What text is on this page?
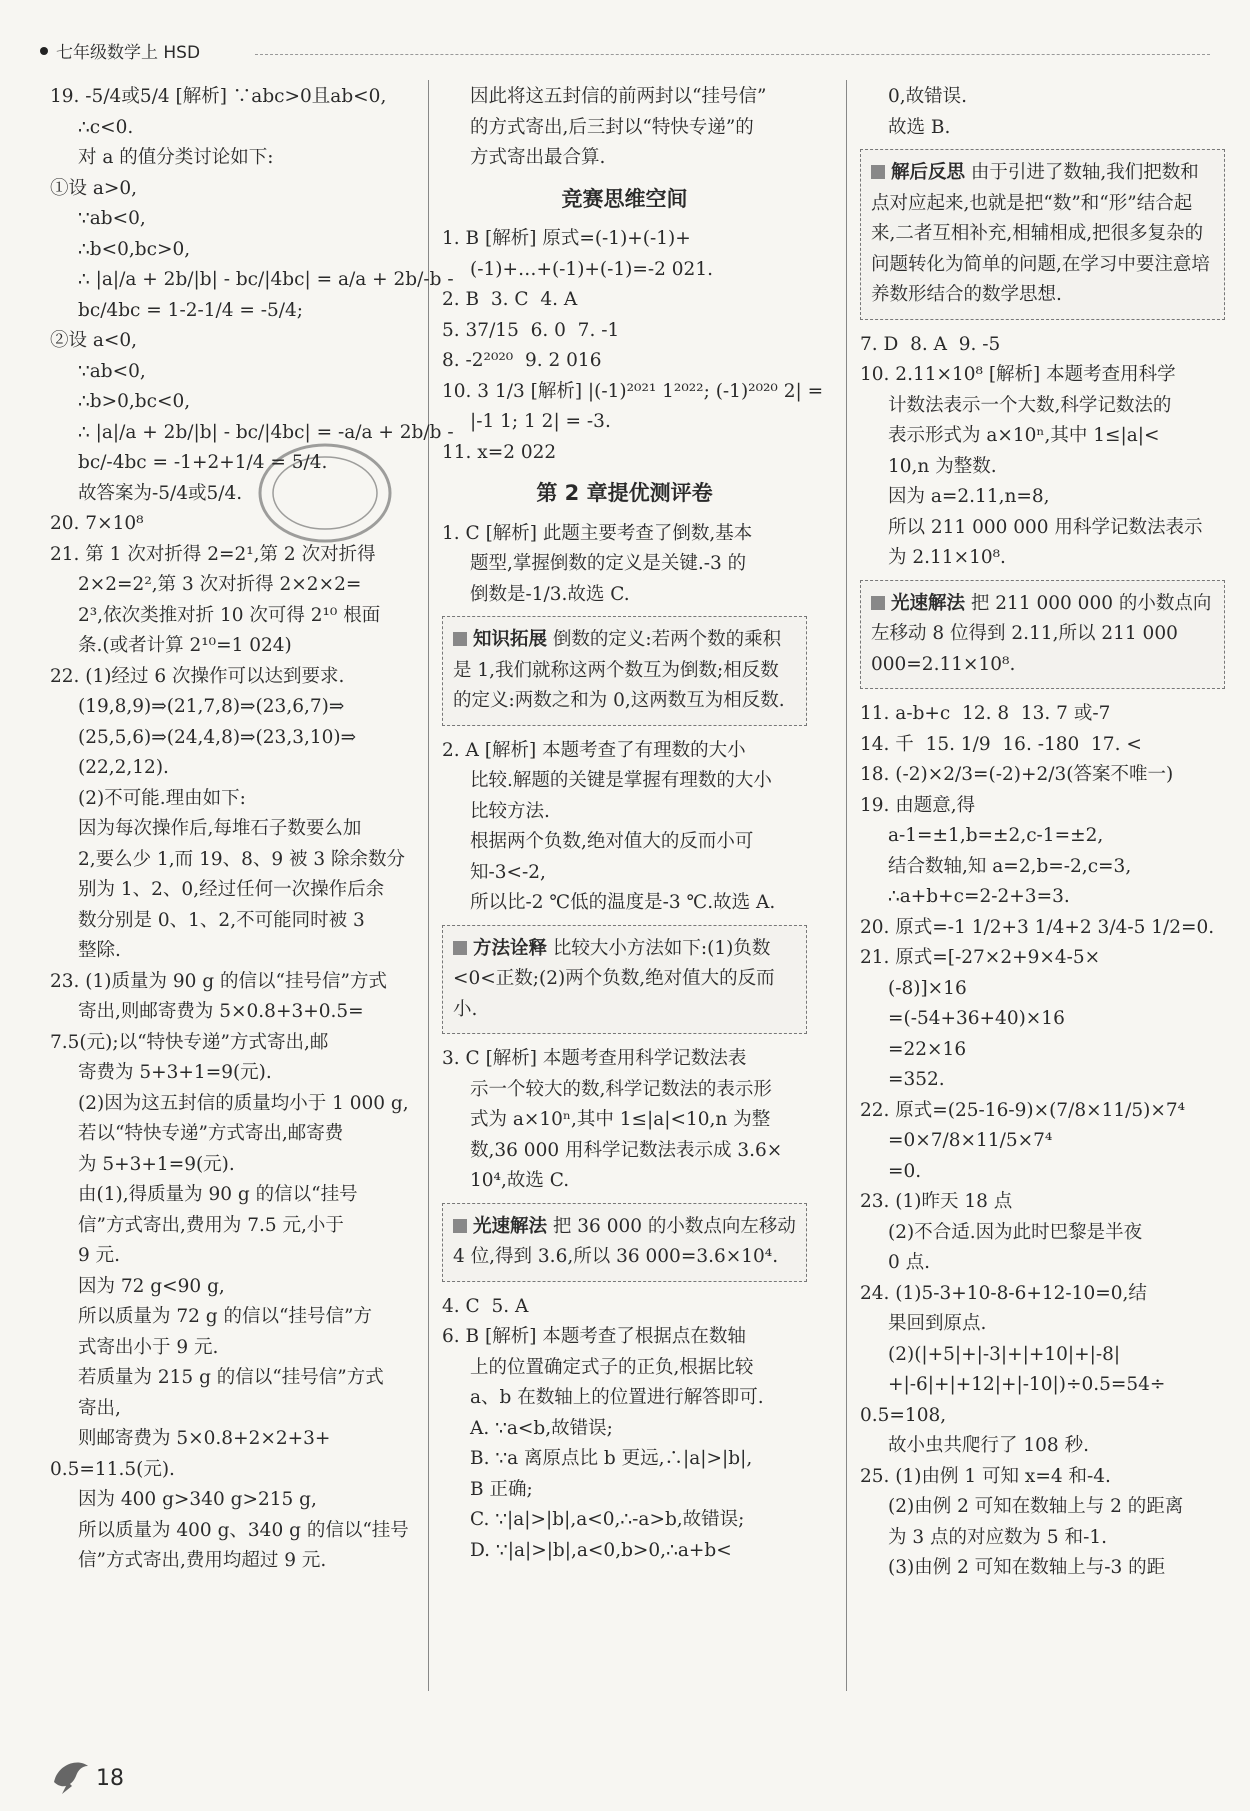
七年级数学上 HSD
19. -5/4或5/4 [解析] ∵abc>0且ab<0,
∴c<0.
对 a 的值分类讨论如下:
①设 a>0,
∵ab<0,
∴b<0,bc>0,
∴ |a|/a + 2b/|b| - bc/|4bc| = a/a + 2b/-b -
bc/4bc = 1-2-1/4 = -5/4;
②设 a<0,
∵ab<0,
∴b>0,bc<0,
∴ |a|/a + 2b/|b| - bc/|4bc| = -a/a + 2b/b -
bc/-4bc = -1+2+1/4 = 5/4.
故答案为-5/4或5/4.
20. 7×10⁸
21. 第 1 次对折得 2=2¹,第 2 次对折得
2×2=2²,第 3 次对折得 2×2×2=
2³,依次类推对折 10 次可得 2¹⁰ 根面
条.(或者计算 2¹⁰=1 024)
22. (1)经过 6 次操作可以达到要求.
(19,8,9)⇒(21,7,8)⇒(23,6,7)⇒
(25,5,6)⇒(24,4,8)⇒(23,3,10)⇒
(22,2,12).
(2)不可能.理由如下:
因为每次操作后,每堆石子数要么加
2,要么少 1,而 19、8、9 被 3 除余数分
别为 1、2、0,经过任何一次操作后余
数分别是 0、1、2,不可能同时被 3
整除.
23. (1)质量为 90 g 的信以“挂号信”方式
寄出,则邮寄费为 5×0.8+3+0.5=
7.5(元);以“特快专递”方式寄出,邮
寄费为 5+3+1=9(元).
(2)因为这五封信的质量均小于 1 000 g,
若以“特快专递”方式寄出,邮寄费
为 5+3+1=9(元).
由(1),得质量为 90 g 的信以“挂号
信”方式寄出,费用为 7.5 元,小于
9 元.
因为 72 g<90 g,
所以质量为 72 g 的信以“挂号信”方
式寄出小于 9 元.
若质量为 215 g 的信以“挂号信”方式
寄出,
则邮寄费为 5×0.8+2×2+3+
0.5=11.5(元).
因为 400 g>340 g>215 g,
所以质量为 400 g、340 g 的信以“挂号
信”方式寄出,费用均超过 9 元.
因此将这五封信的前两封以“挂号信”
的方式寄出,后三封以“特快专递”的
方式寄出最合算.
竞赛思维空间
1. B [解析] 原式=(-1)+(-1)+
(-1)+…+(-1)+(-1)=-2 021.
2. B  3. C  4. A
5. 37/15  6. 0  7. -1
8. -2²⁰²⁰  9. 2 016
10. 3 1/3 [解析] |(-1)²⁰²¹ 1²⁰²²; (-1)²⁰²⁰ 2| =
|-1 1; 1 2| = -3.
11. x=2 022
第 2 章提优测评卷
1. C [解析] 此题主要考查了倒数,基本
题型,掌握倒数的定义是关键.-3 的
倒数是-1/3.故选 C.
知识拓展 倒数的定义:若两个数的乘积是 1,我们就称这两个数互为倒数;相反数的定义:两数之和为 0,这两数互为相反数.
2. A [解析] 本题考查了有理数的大小
比较.解题的关键是掌握有理数的大小
比较方法.
根据两个负数,绝对值大的反而小可
知-3<-2,
所以比-2 ℃低的温度是-3 ℃.故选 A.
方法诠释 比较大小方法如下:(1)负数<0<正数;(2)两个负数,绝对值大的反而小.
3. C [解析] 本题考查用科学记数法表
示一个较大的数,科学记数法的表示形
式为 a×10ⁿ,其中 1≤|a|<10,n 为整
数,36 000 用科学记数法表示成 3.6×
10⁴,故选 C.
光速解法 把 36 000 的小数点向左移动 4 位,得到 3.6,所以 36 000=3.6×10⁴.
4. C  5. A
6. B [解析] 本题考查了根据点在数轴
上的位置确定式子的正负,根据比较
a、b 在数轴上的位置进行解答即可.
A. ∵a<b,故错误;
B. ∵a 离原点比 b 更远,∴|a|>|b|,
B 正确;
C. ∵|a|>|b|,a<0,∴-a>b,故错误;
D. ∵|a|>|b|,a<0,b>0,∴a+b<
0,故错误.
故选 B.
解后反思 由于引进了数轴,我们把数和点对应起来,也就是把“数”和“形”结合起来,二者互相补充,相辅相成,把很多复杂的问题转化为简单的问题,在学习中要注意培养数形结合的数学思想.
7. D  8. A  9. -5
10. 2.11×10⁸ [解析] 本题考查用科学
计数法表示一个大数,科学记数法的
表示形式为 a×10ⁿ,其中 1≤|a|<
10,n 为整数.
因为 a=2.11,n=8,
所以 211 000 000 用科学记数法表示
为 2.11×10⁸.
光速解法 把 211 000 000 的小数点向左移动 8 位得到 2.11,所以 211 000 000=2.11×10⁸.
11. a-b+c  12. 8  13. 7 或-7
14. 千  15. 1/9  16. -180  17. <
18. (-2)×2/3=(-2)+2/3(答案不唯一)
19. 由题意,得
a-1=±1,b=±2,c-1=±2,
结合数轴,知 a=2,b=-2,c=3,
∴a+b+c=2-2+3=3.
20. 原式=-1 1/2+3 1/4+2 3/4-5 1/2=0.
21. 原式=[-27×2+9×4-5×
(-8)]×16
=(-54+36+40)×16
=22×16
=352.
22. 原式=(25-16-9)×(7/8×11/5)×7⁴
=0×7/8×11/5×7⁴
=0.
23. (1)昨天 18 点
(2)不合适.因为此时巴黎是半夜
0 点.
24. (1)5-3+10-8-6+12-10=0,结
果回到原点.
(2)(|+5|+|-3|+|+10|+|-8|
+|-6|+|+12|+|-10|)÷0.5=54÷
0.5=108,
故小虫共爬行了 108 秒.
25. (1)由例 1 可知 x=4 和-4.
(2)由例 2 可知在数轴上与 2 的距离
为 3 点的对应数为 5 和-1.
(3)由例 2 可知在数轴上与-3 的距
18
